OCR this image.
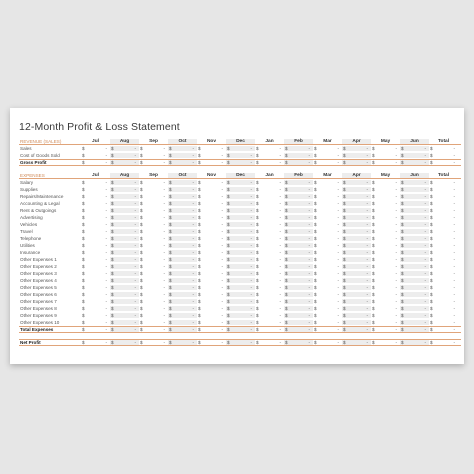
12-Month Profit & Loss Statement
REVENUE (SALES)	Jul	Aug	Sep	Oct	Nov	Dec	Jan	Feb	Mar	Apr	May	Jun	Total
Sales	$	- $	- $	- $	- $	- $	- $	- $	- $	- $	- $	- $	- $	-
Cost of Goods Sold	$	- $	- $	- $	- $	- $	- $	- $	- $	- $	- $	- $	- $	-
Gross Profit	$	- $	- $	- $	- $	- $	- $	- $	- $	- $	- $	- $	- $	-
EXPENSES	Jul	Aug	Sep	Oct	Nov	Dec	Jan	Feb	Mar	Apr	May	Jun	Total
Salary	$	- $	- $	- $	- $	- $	- $	- $	- $	- $	- $	- $	- $	-
Supplies	$	- $	- $	- $	- $	- $	- $	- $	- $	- $	- $	- $	- $	-
Repairs/Maintenance	$	- $	- $	- $	- $	- $	- $	- $	- $	- $	- $	- $	- $	-
Accounting & Legal	$	- $	- $	- $	- $	- $	- $	- $	- $	- $	- $	- $	- $	-
Rent & Outgoings	$	- $	- $	- $	- $	- $	- $	- $	- $	- $	- $	- $	- $	-
Advertising	$	- $	- $	- $	- $	- $	- $	- $	- $	- $	- $	- $	- $	-
Vehicles	$	- $	- $	- $	- $	- $	- $	- $	- $	- $	- $	- $	- $	-
Travel	$	- $	- $	- $	- $	- $	- $	- $	- $	- $	- $	- $	- $	-
Telephone	$	- $	- $	- $	- $	- $	- $	- $	- $	- $	- $	- $	- $	-
Utilities	$	- $	- $	- $	- $	- $	- $	- $	- $	- $	- $	- $	- $	-
Insurance	$	- $	- $	- $	- $	- $	- $	- $	- $	- $	- $	- $	- $	-
Other Expenses 1	$	- $	- $	- $	- $	- $	- $	- $	- $	- $	- $	- $	- $	-
Other Expenses 2	$	- $	- $	- $	- $	- $	- $	- $	- $	- $	- $	- $	- $	-
Other Expenses 3	$	- $	- $	- $	- $	- $	- $	- $	- $	- $	- $	- $	- $	-
Other Expenses 4	$	- $	- $	- $	- $	- $	- $	- $	- $	- $	- $	- $	- $	-
Other Expenses 5	$	- $	- $	- $	- $	- $	- $	- $	- $	- $	- $	- $	- $	-
Other Expenses 6	$	- $	- $	- $	- $	- $	- $	- $	- $	- $	- $	- $	- $	-
Other Expenses 7	$	- $	- $	- $	- $	- $	- $	- $	- $	- $	- $	- $	- $	-
Other Expenses 8	$	- $	- $	- $	- $	- $	- $	- $	- $	- $	- $	- $	- $	-
Other Expenses 9	$	- $	- $	- $	- $	- $	- $	- $	- $	- $	- $	- $	- $	-
Other Expenses 10	$	- $	- $	- $	- $	- $	- $	- $	- $	- $	- $	- $	- $	-
Total Expenses	$	- $	- $	- $	- $	- $	- $	- $	- $	- $	- $	- $	- $	-
Net Profit	$	- $	- $	- $	- $	- $	- $	- $	- $	- $	- $	- $	- $	-
